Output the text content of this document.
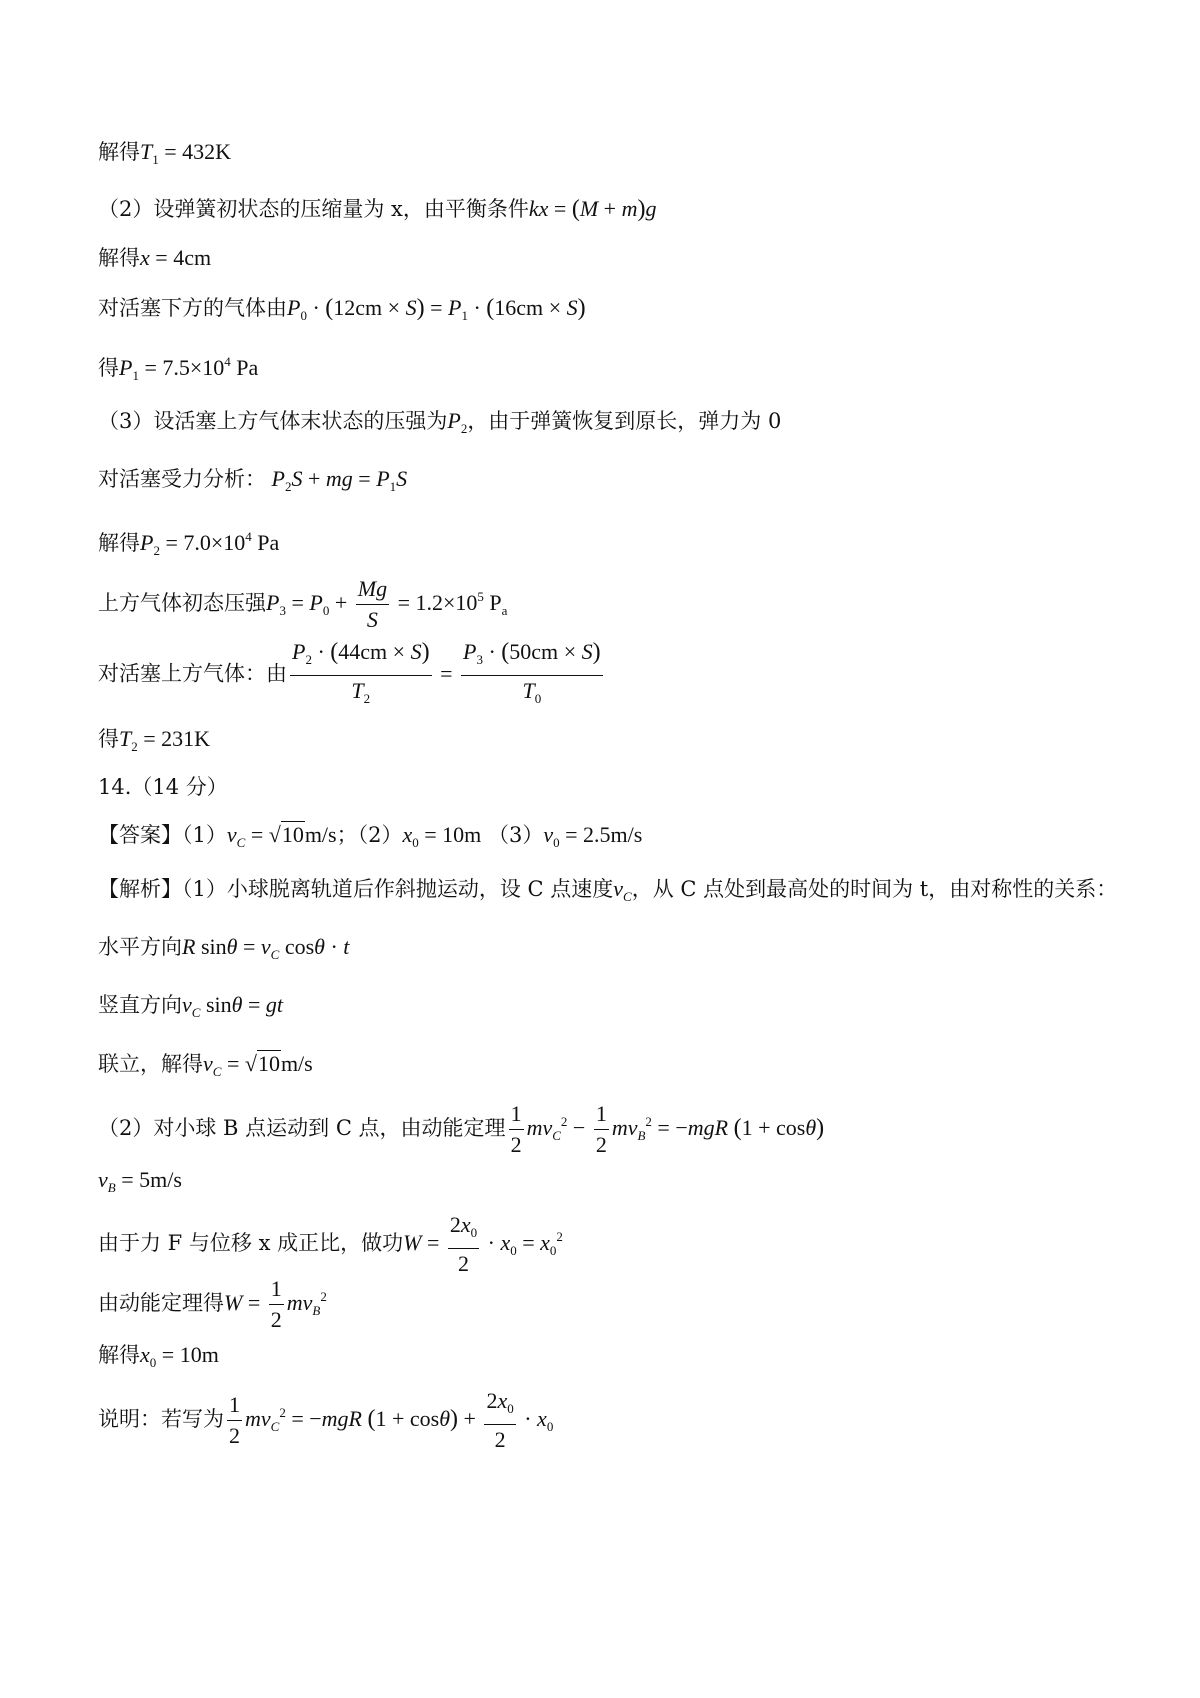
解得$T_1 = 432K$
（2）设弹簧初状态的压缩量为 x，由平衡条件kx = (M + m)g
解得x = 4cm
对活塞下方的气体由$P_0 \cdot (12cm \times S) = P_1 \cdot (16cm \times S)$
得$P_1 = 7.5\times 10^4$ Pa
（3）设活塞上方气体末状态的压强为$P_2$，由于弹簧恢复到原长，弹力为 0
对活塞受力分析： $P_2S$ + mg = $P_1S$
解得$P_2 = 7.0\times 10^4$ Pa
上方气体初态压强$P_3 = P_0 + \frac{Mg}{S} = 1.2\times 10^5$ $P_a$
对活塞上方气体：由 $\frac{P_2 \cdot (44cm \times S)}{T_2} = \frac{P_3 \cdot (50cm \times S)}{T_0}$
得$T_2 = 231K$
14.（14 分）
【答案】$(1)v_C = √10m/s$；$(2)x_0 = 10m$ $(3)v_0 = 2.5m/s$
【解析】（1）小球脱离轨道后作斜抛运动，设 C 点速度$v_C$，从 C 点处到最高处的时间为 t，由对称性的关系：
水平方向R $\sin\theta = v_C$ cosθ · t
竖直方向$v_C$ sinθ = gt
联立，解得$v_C = √10m/s$
（2）对小球 B 点运动到 C 点，由动能定理 $\frac{1}{2} mv_C^2 - \frac{1}{2} mv_B^2 = -mgR$ (1 + cosθ)
$v_B = 5m/s$
由于力 F 与位移 x 成正比，做功$W = \frac{2x_0}{2} \cdot x_0 = x_0^2$
由动能定理得$W = \frac{1}{2} mv_B^2$
解得$x_0 = 10m$
说明：若写为 $\frac{1}{2} mv_C^2 = -mgR$ $(1 + \cos\theta) + \frac{2x_0}{2} \cdot x_0$
